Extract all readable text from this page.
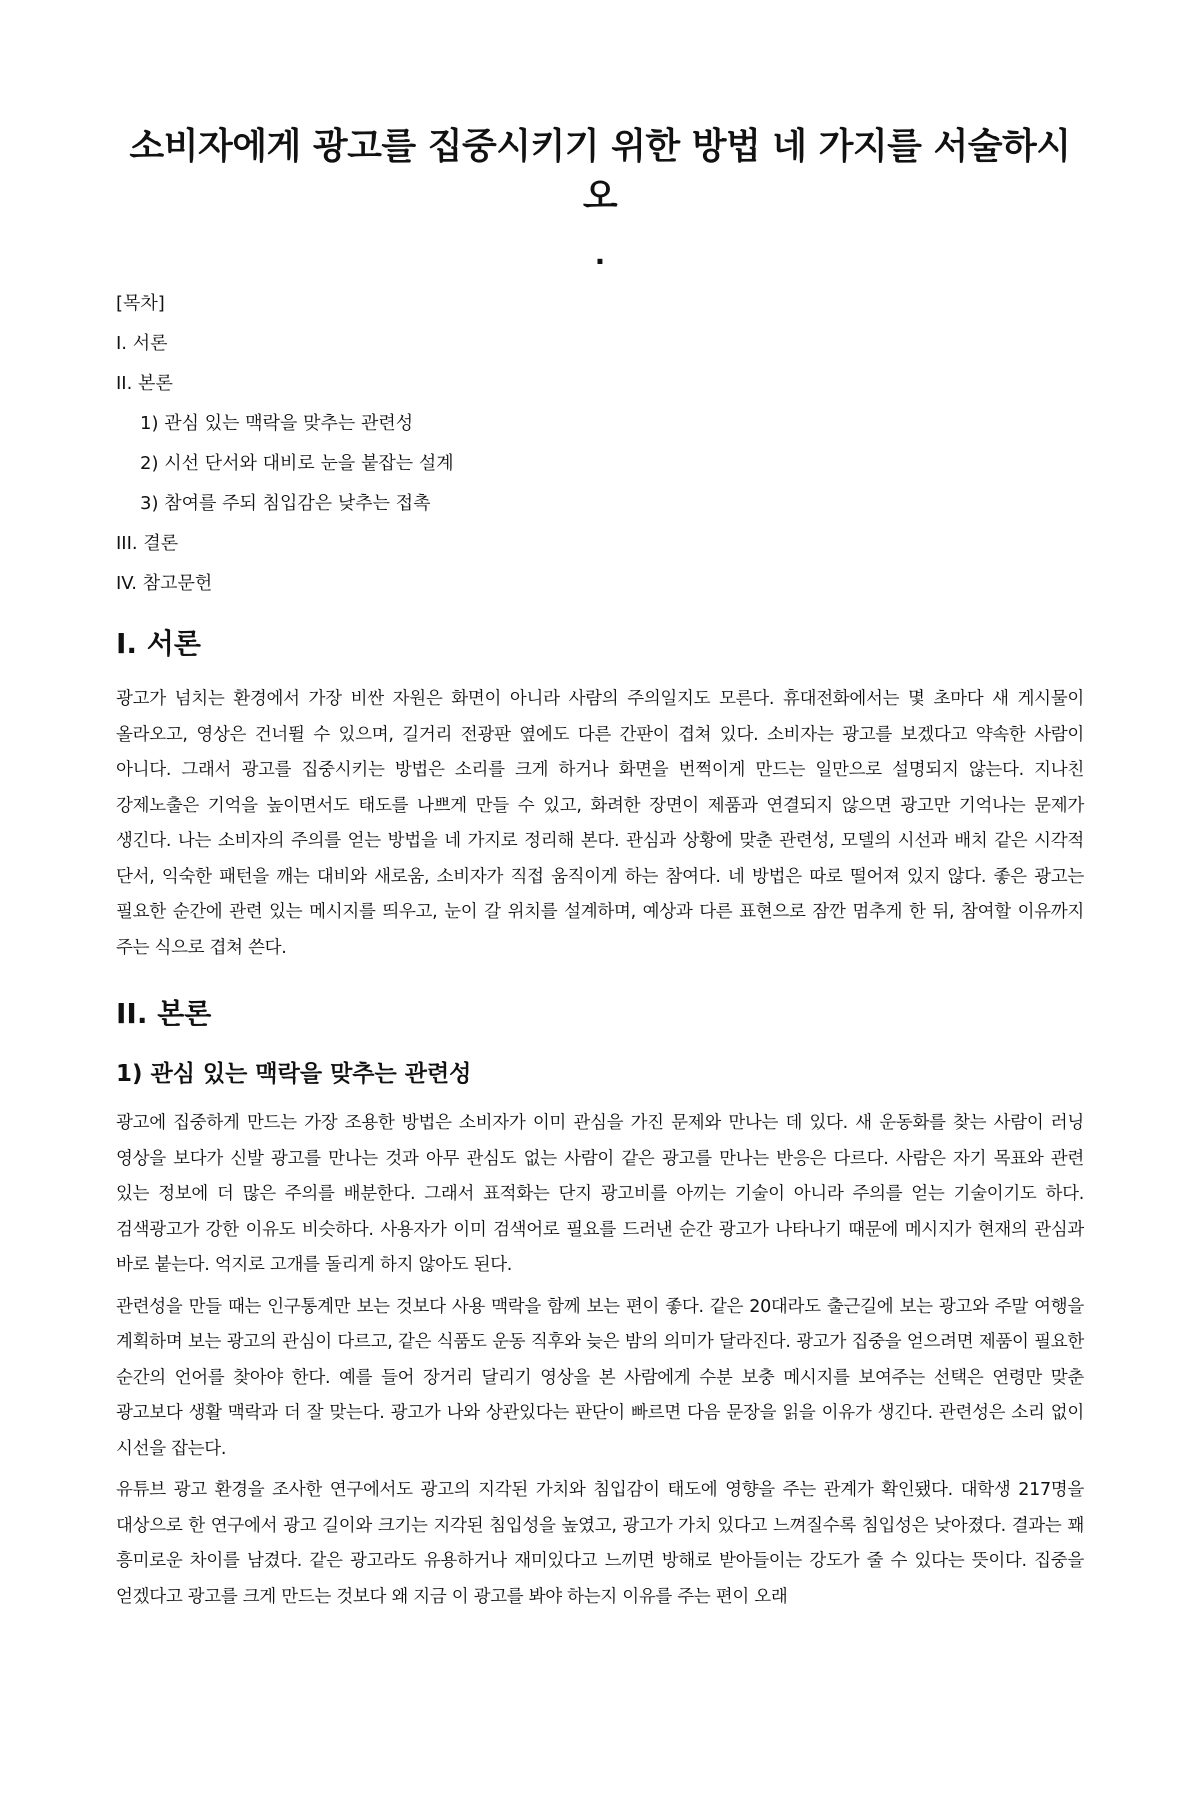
소비자에게 광고를 집중시키기 위한 방법 네 가지를 서술하시오
.
[목차]
I. 서론
II. 본론
1) 관심 있는 맥락을 맞추는 관련성
2) 시선 단서와 대비로 눈을 붙잡는 설계
3) 참여를 주되 침입감은 낮추는 접촉
III. 결론
IV. 참고문헌
I. 서론

광고가 넘치는 환경에서 가장 비싼 자원은 화면이 아니라 사람의 주의일지도 모른다. 휴대전화에서는 몇 초마다 새 게시물이 올라오고, 영상은 건너뛸 수 있으며, 길거리 전광판 옆에도 다른 간판이 겹쳐 있다. 소비자는 광고를 보겠다고 약속한 사람이 아니다. 그래서 광고를 집중시키는 방법은 소리를 크게 하거나 화면을 번쩍이게 만드는 일만으로 설명되지 않는다. 지나친 강제노출은 기억을 높이면서도 태도를 나쁘게 만들 수 있고, 화려한 장면이 제품과 연결되지 않으면 광고만 기억나는 문제가 생긴다. 나는 소비자의 주의를 얻는 방법을 네 가지로 정리해 본다. 관심과 상황에 맞춘 관련성, 모델의 시선과 배치 같은 시각적 단서, 익숙한 패턴을 깨는 대비와 새로움, 소비자가 직접 움직이게 하는 참여다. 네 방법은 따로 떨어져 있지 않다. 좋은 광고는 필요한 순간에 관련 있는 메시지를 띄우고, 눈이 갈 위치를 설계하며, 예상과 다른 표현으로 잠깐 멈추게 한 뒤, 참여할 이유까지 주는 식으로 겹쳐 쓴다.

II. 본론
1) 관심 있는 맥락을 맞추는 관련성

광고에 집중하게 만드는 가장 조용한 방법은 소비자가 이미 관심을 가진 문제와 만나는 데 있다. 새 운동화를 찾는 사람이 러닝 영상을 보다가 신발 광고를 만나는 것과 아무 관심도 없는 사람이 같은 광고를 만나는 반응은 다르다. 사람은 자기 목표와 관련 있는 정보에 더 많은 주의를 배분한다. 그래서 표적화는 단지 광고비를 아끼는 기술이 아니라 주의를 얻는 기술이기도 하다. 검색광고가 강한 이유도 비슷하다. 사용자가 이미 검색어로 필요를 드러낸 순간 광고가 나타나기 때문에 메시지가 현재의 관심과 바로 붙는다. 억지로 고개를 돌리게 하지 않아도 된다.

관련성을 만들 때는 인구통계만 보는 것보다 사용 맥락을 함께 보는 편이 좋다. 같은 20대라도 출근길에 보는 광고와 주말 여행을 계획하며 보는 광고의 관심이 다르고, 같은 식품도 운동 직후와 늦은 밤의 의미가 달라진다. 광고가 집중을 얻으려면 제품이 필요한 순간의 언어를 찾아야 한다. 예를 들어 장거리 달리기 영상을 본 사람에게 수분 보충 메시지를 보여주는 선택은 연령만 맞춘 광고보다 생활 맥락과 더 잘 맞는다. 광고가 나와 상관있다는 판단이 빠르면 다음 문장을 읽을 이유가 생긴다. 관련성은 소리 없이 시선을 잡는다.

유튜브 광고 환경을 조사한 연구에서도 광고의 지각된 가치와 침입감이 태도에 영향을 주는 관계가 확인됐다. 대학생 217명을 대상으로 한 연구에서 광고 길이와 크기는 지각된 침입성을 높였고, 광고가 가치 있다고 느껴질수록 침입성은 낮아졌다. 결과는 꽤 흥미로운 차이를 남겼다. 같은 광고라도 유용하거나 재미있다고 느끼면 방해로 받아들이는 강도가 줄 수 있다는 뜻이다. 집중을 얻겠다고 광고를 크게 만드는 것보다 왜 지금 이 광고를 봐야 하는지 이유를 주는 편이 오래
